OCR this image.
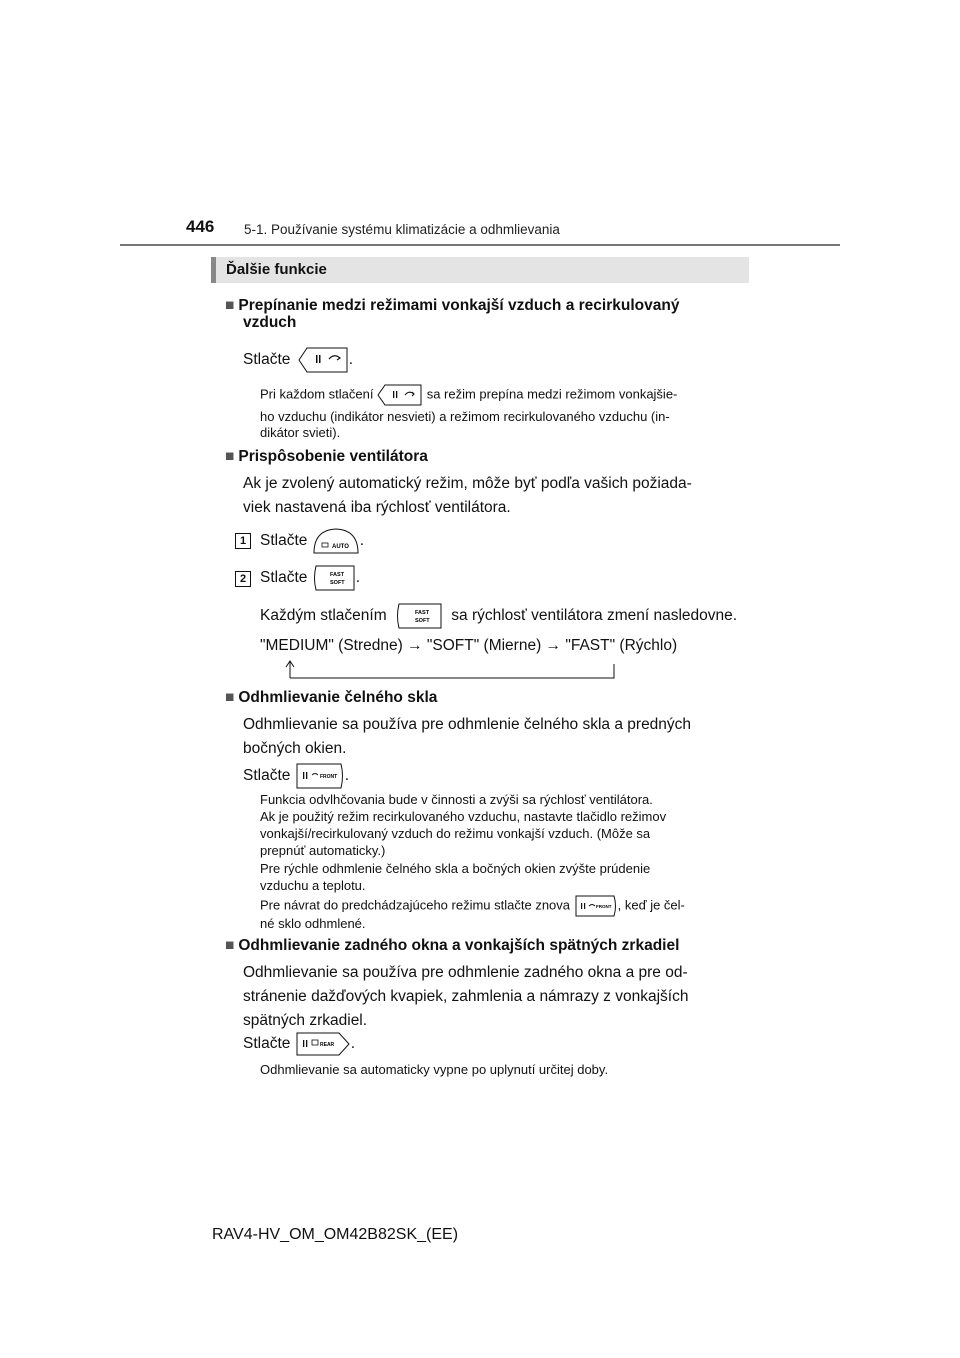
446 5-1. Používanie systému klimatizácie a odhmlievania
Ďalšie funkcie
■ Prepínanie medzi režimami vonkajší vzduch a recirkulovaný
vzduch
Stlačte	.
Pri každom stlačení	sa režim prepína medzi režimom vonkajšie-
ho vzduchu (indikátor nesvieti) a režimom recirkulovaného vzduchu (in-
dikátor svieti).
■ Prispôsobenie ventilátora
Ak je zvolený automatický režim, môže byť podľa vašich požiada-
viek nastavená iba rýchlosť ventilátora.
1 Stlačte	AUTO .
2 Stlačte	FAST
SOFT .
Každým stlačením	FAST
SOFT sa rýchlosť ventilátora zmení nasledovne.
"MEDIUM" (Stredne) → "SOFT" (Mierne) → "FAST" (Rýchlo)
■ Odhmlievanie čelného skla
Odhmlievanie sa používa pre odhmlenie čelného skla a predných
bočných okien.
Stlačte	FRONT .
Funkcia odvlhčovania bude v činnosti a zvýši sa rýchlosť ventilátora.
Ak je použitý režim recirkulovaného vzduchu, nastavte tlačidlo režimov
vonkajší/recirkulovaný vzduch do režimu vonkajší vzduch. (Môže sa
prepnúť automaticky.)
Pre rýchle odhmlenie čelného skla a bočných okien zvýšte prúdenie
vzduchu a teplotu.
Pre návrat do predchádzajúceho režimu stlačte znova	FRONT , keď je čel-
né sklo odhmlené.
■ Odhmlievanie zadného okna a vonkajších spätných zrkadiel
Odhmlievanie sa používa pre odhmlenie zadného okna a pre od-
stránenie dažďových kvapiek, zahmlenia a námrazy z vonkajších
spätných zrkadiel.
Stlačte	REAR .
Odhmlievanie sa automaticky vypne po uplynutí určitej doby.
RAV4-HV_OM_OM42B82SK_(EE)
